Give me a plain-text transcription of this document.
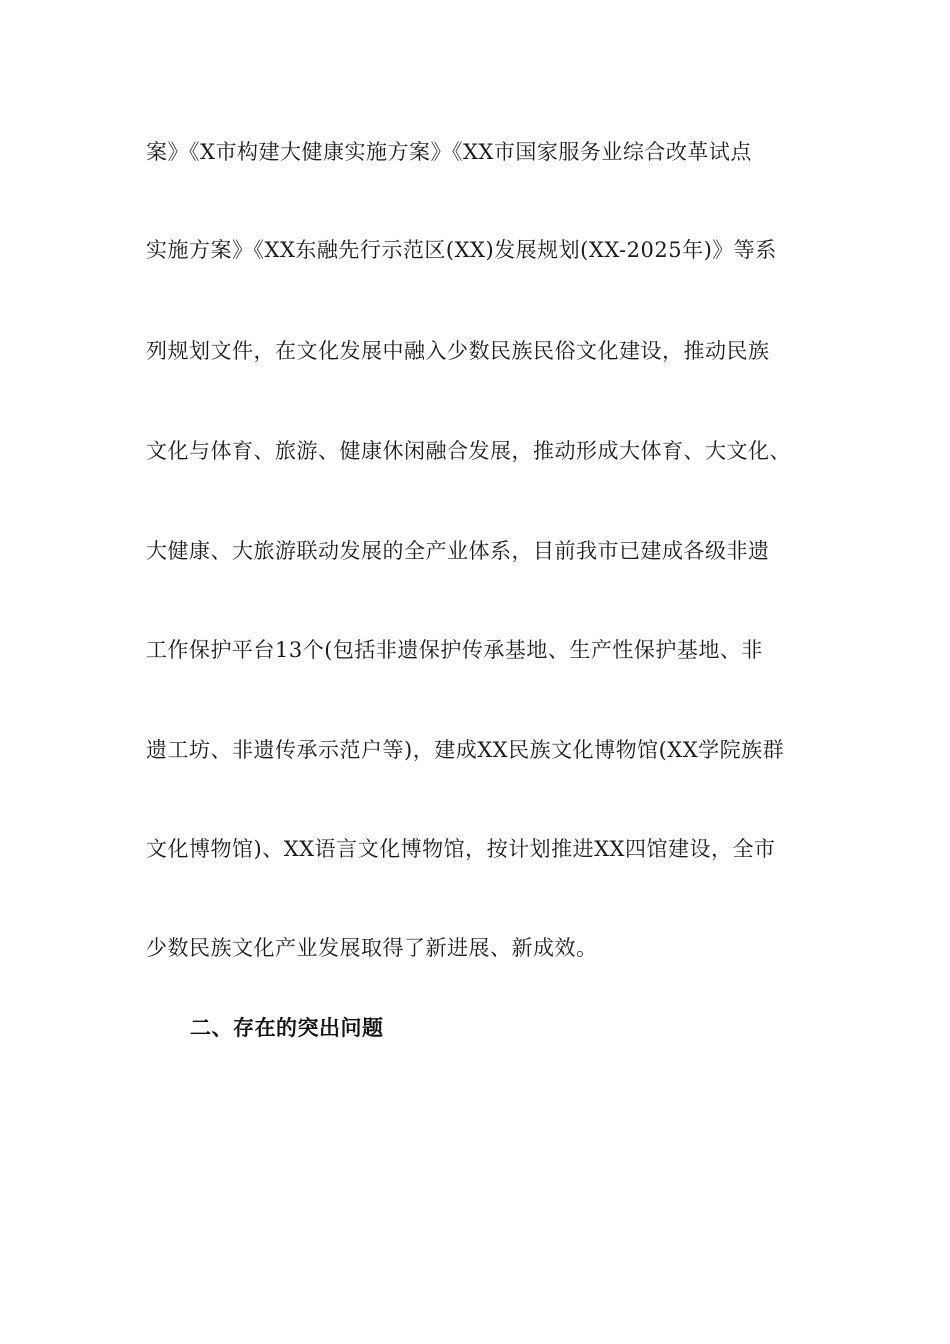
案》《X市构建大健康实施方案》《XX市国家服务业综合改革试点
实施方案》《XX东融先行示范区(XX)发展规划(XX-2025年)》等系
列规划文件，在文化发展中融入少数民族民俗文化建设，推动民族
文化与体育、旅游、健康休闲融合发展，推动形成大体育、大文化、
大健康、大旅游联动发展的全产业体系，目前我市已建成各级非遗
工作保护平台13个(包括非遗保护传承基地、生产性保护基地、非
遗工坊、非遗传承示范户等)，建成XX民族文化博物馆(XX学院族群
文化博物馆)、XX语言文化博物馆，按计划推进XX四馆建设，全市
少数民族文化产业发展取得了新进展、新成效。
二、存在的突出问题
